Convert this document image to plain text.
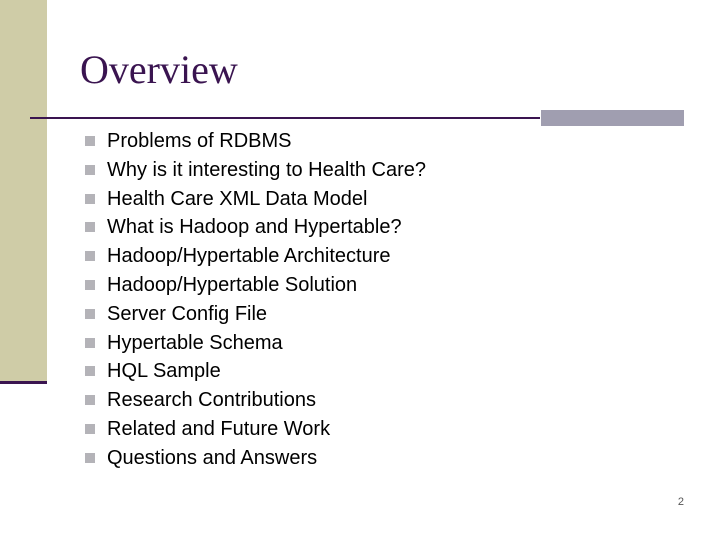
Overview
Problems of RDBMS
Why is it interesting to Health Care?
Health Care XML Data Model
What is Hadoop and Hypertable?
Hadoop/Hypertable Architecture
Hadoop/Hypertable Solution
Server Config File
Hypertable Schema
HQL Sample
Research Contributions
Related and Future Work
Questions and Answers
2
